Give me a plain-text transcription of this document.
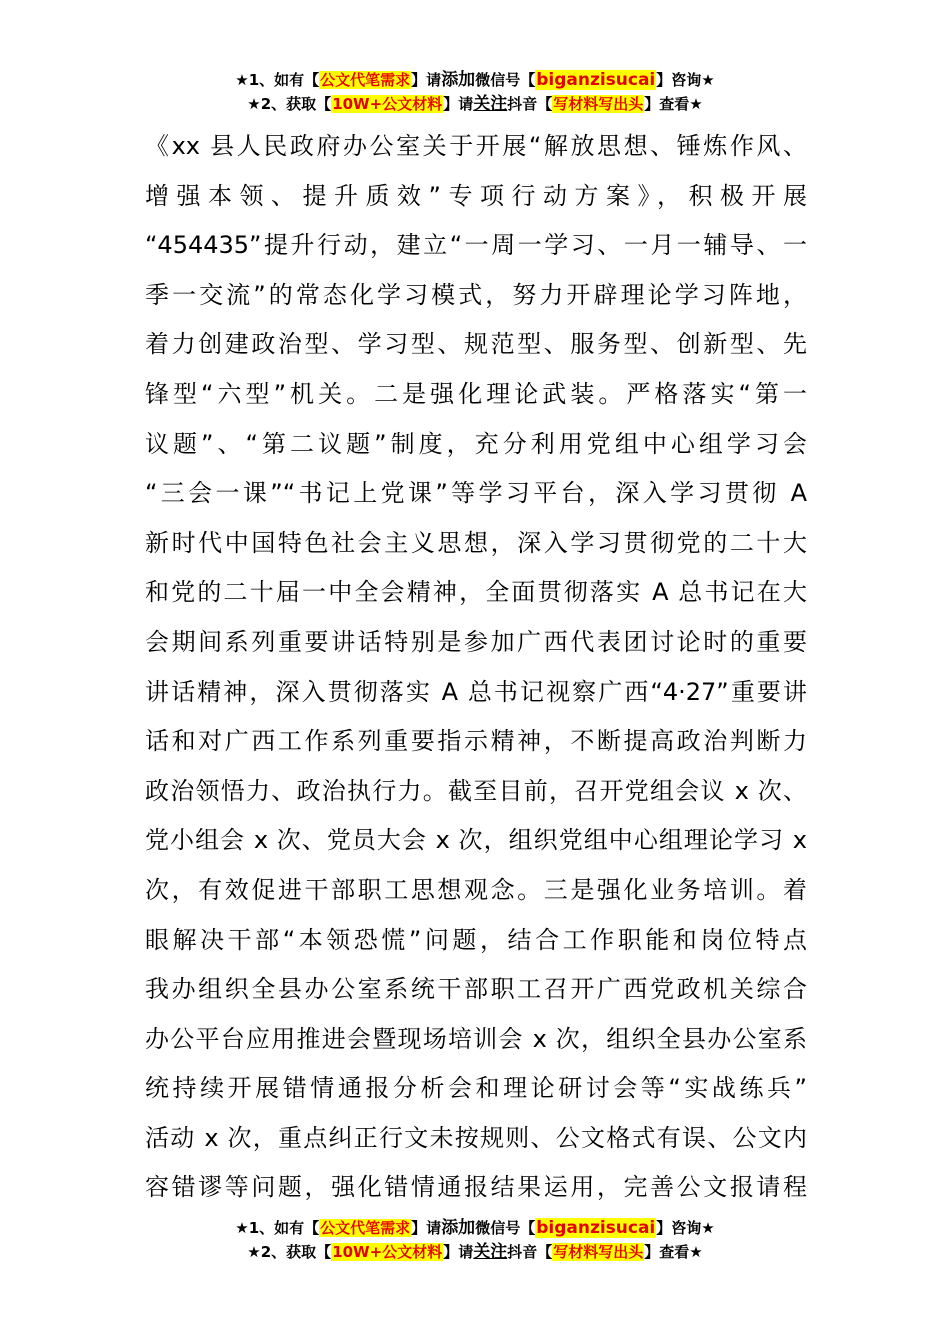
★1、如有【公文代笔需求】请添加微信号【biganzisucai】咨询★
★2、获取【10W+公文材料】请关注抖音【写材料写出头】查看★
《xx 县人民政府办公室关于开展“解放思想、锤炼作风、
增强本领、提升质效”专项行动方案》，积极开展
“454435”提升行动，建立“一周一学习、一月一辅导、一
季一交流”的常态化学习模式，努力开辟理论学习阵地，
着力创建政治型、学习型、规范型、服务型、创新型、先
锋型“六型”机关。二是强化理论武装。严格落实“第一
议题”、“第二议题”制度，充分利用党组中心组学习会
“三会一课”“书记上党课”等学习平台，深入学习贯彻 A
新时代中国特色社会主义思想，深入学习贯彻党的二十大
和党的二十届一中全会精神，全面贯彻落实 A 总书记在大
会期间系列重要讲话特别是参加广西代表团讨论时的重要
讲话精神，深入贯彻落实 A 总书记视察广西“4·27”重要讲
话和对广西工作系列重要指示精神，不断提高政治判断力
政治领悟力、政治执行力。截至目前，召开党组会议 x 次、
党小组会 x 次、党员大会 x 次，组织党组中心组理论学习 x
次，有效促进干部职工思想观念。三是强化业务培训。着
眼解决干部“本领恐慌”问题，结合工作职能和岗位特点
我办组织全县办公室系统干部职工召开广西党政机关综合
办公平台应用推进会暨现场培训会 x 次，组织全县办公室系
统持续开展错情通报分析会和理论研讨会等“实战练兵”
活动 x 次，重点纠正行文未按规则、公文格式有误、公文内
容错谬等问题，强化错情通报结果运用，完善公文报请程
★1、如有【公文代笔需求】请添加微信号【biganzisucai】咨询★
★2、获取【10W+公文材料】请关注抖音【写材料写出头】查看★
